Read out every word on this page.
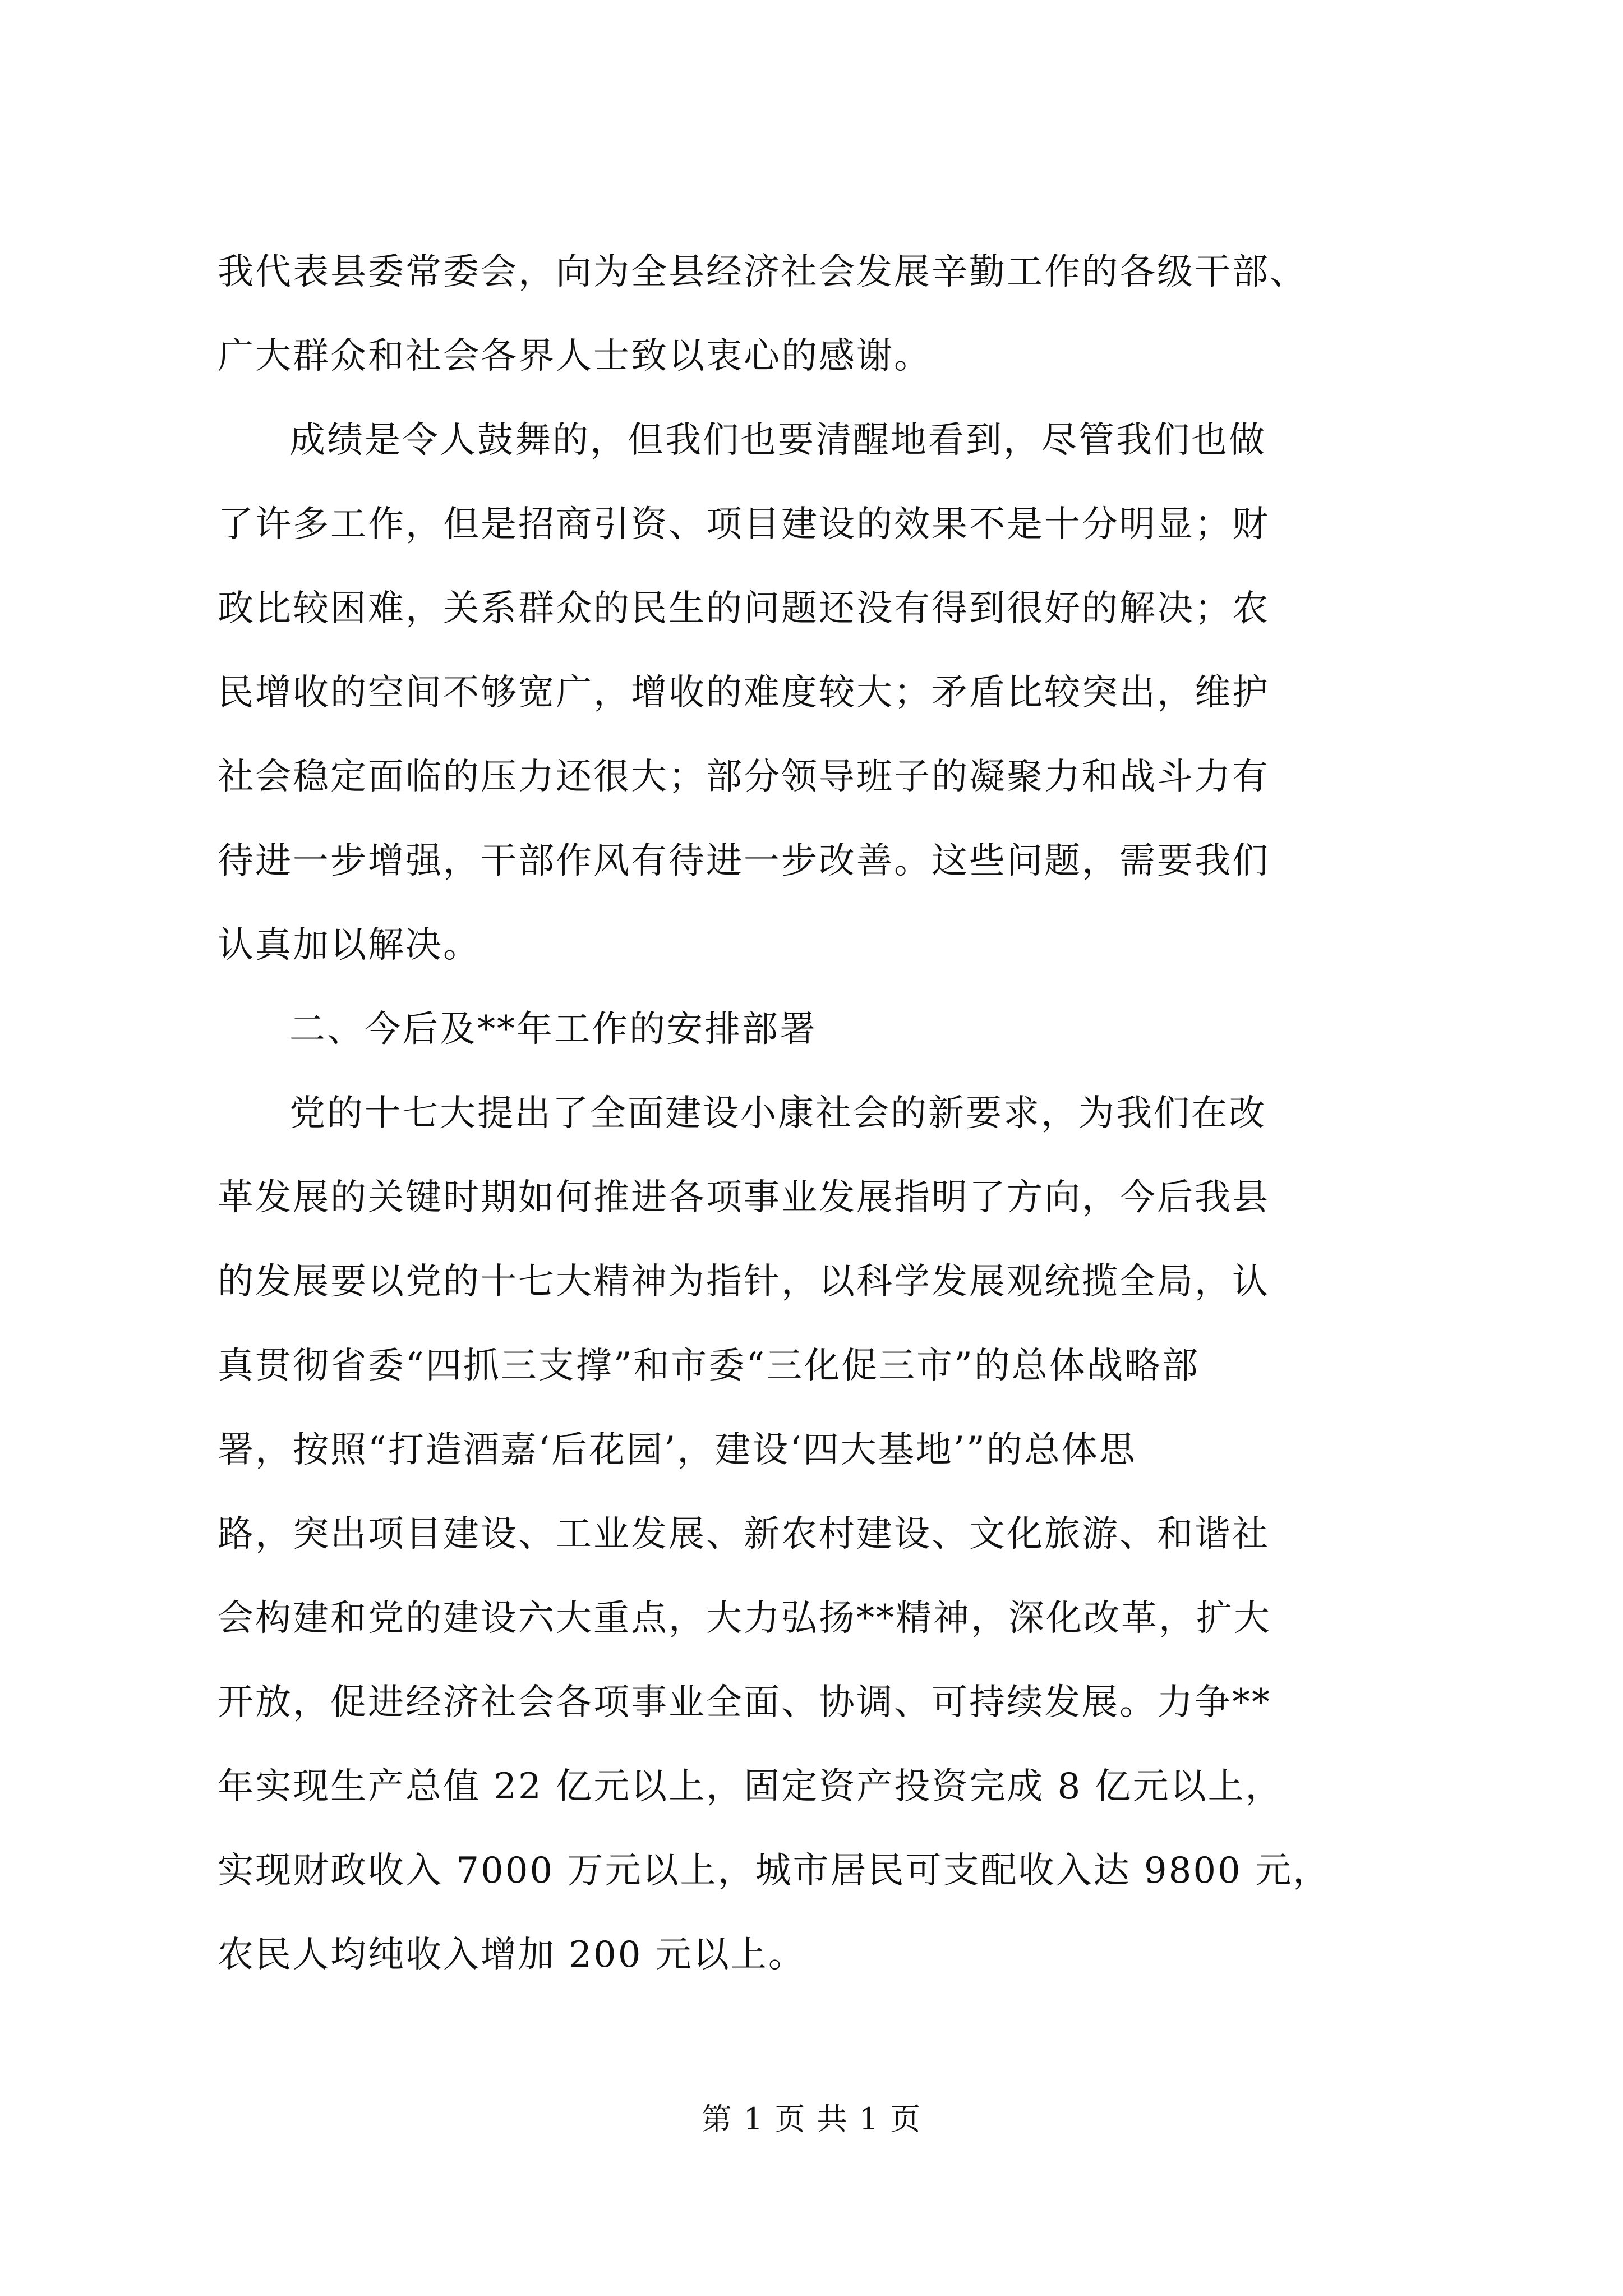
我代表县委常委会，向为全县经济社会发展辛勤工作的各级干部、
广大群众和社会各界人士致以衷心的感谢。
成绩是令人鼓舞的，但我们也要清醒地看到，尽管我们也做
了许多工作，但是招商引资、项目建设的效果不是十分明显；财
政比较困难，关系群众的民生的问题还没有得到很好的解决；农
民增收的空间不够宽广，增收的难度较大；矛盾比较突出，维护
社会稳定面临的压力还很大；部分领导班子的凝聚力和战斗力有
待进一步增强，干部作风有待进一步改善。这些问题，需要我们
认真加以解决。
二、今后及**年工作的安排部署
党的十七大提出了全面建设小康社会的新要求，为我们在改
革发展的关键时期如何推进各项事业发展指明了方向，今后我县
的发展要以党的十七大精神为指针，以科学发展观统揽全局，认
真贯彻省委“四抓三支撑”和市委“三化促三市”的总体战略部
署，按照“打造酒嘉‘后花园’，建设‘四大基地’”的总体思
路，突出项目建设、工业发展、新农村建设、文化旅游、和谐社
会构建和党的建设六大重点，大力弘扬**精神，深化改革，扩大
开放，促进经济社会各项事业全面、协调、可持续发展。力争**
年实现生产总值 22 亿元以上，固定资产投资完成 8 亿元以上，
实现财政收入 7000 万元以上，城市居民可支配收入达 9800 元，
农民人均纯收入增加 200 元以上。
第 1 页 共 1 页
